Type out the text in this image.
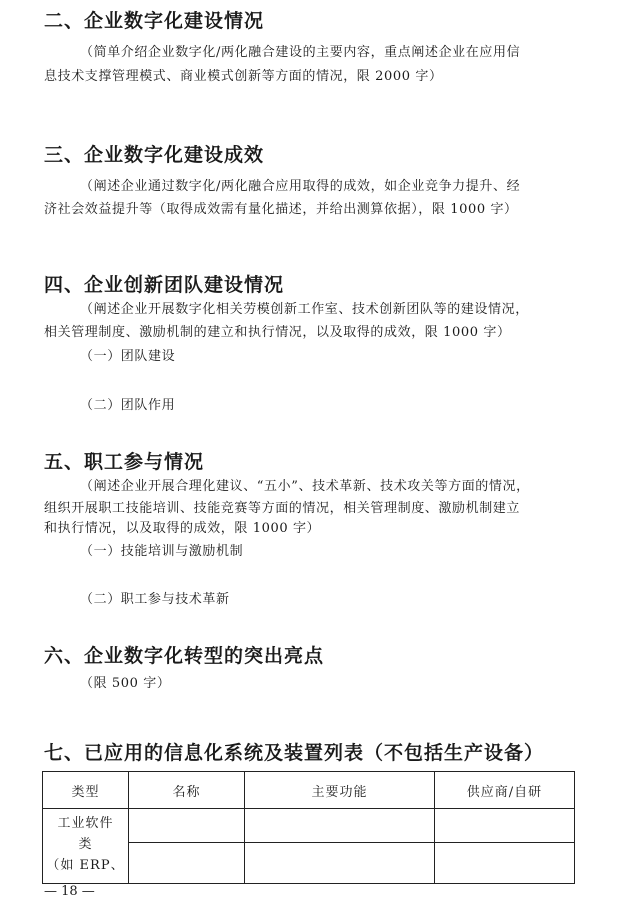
二、企业数字化建设情况
（简单介绍企业数字化/两化融合建设的主要内容，重点阐述企业在应用信
息技术支撑管理模式、商业模式创新等方面的情况，限 2000 字）
三、企业数字化建设成效
（阐述企业通过数字化/两化融合应用取得的成效，如企业竞争力提升、经
济社会效益提升等（取得成效需有量化描述，并给出测算依据），限 1000 字）
四、企业创新团队建设情况
（阐述企业开展数字化相关劳模创新工作室、技术创新团队等的建设情况，
相关管理制度、激励机制的建立和执行情况，以及取得的成效，限 1000 字）
（一）团队建设
（二）团队作用
五、职工参与情况
（阐述企业开展合理化建议、“五小”、技术革新、技术攻关等方面的情况，
组织开展职工技能培训、技能竞赛等方面的情况，相关管理制度、激励机制建立
和执行情况，以及取得的成效，限 1000 字）
（一）技能培训与激励机制
（二）职工参与技术革新
六、企业数字化转型的突出亮点
（限 500 字）
七、已应用的信息化系统及装置列表（不包括生产设备）
类型	名称	主要功能	供应商/自研

工业软件
类
（如 ERP、			

— 18 —
